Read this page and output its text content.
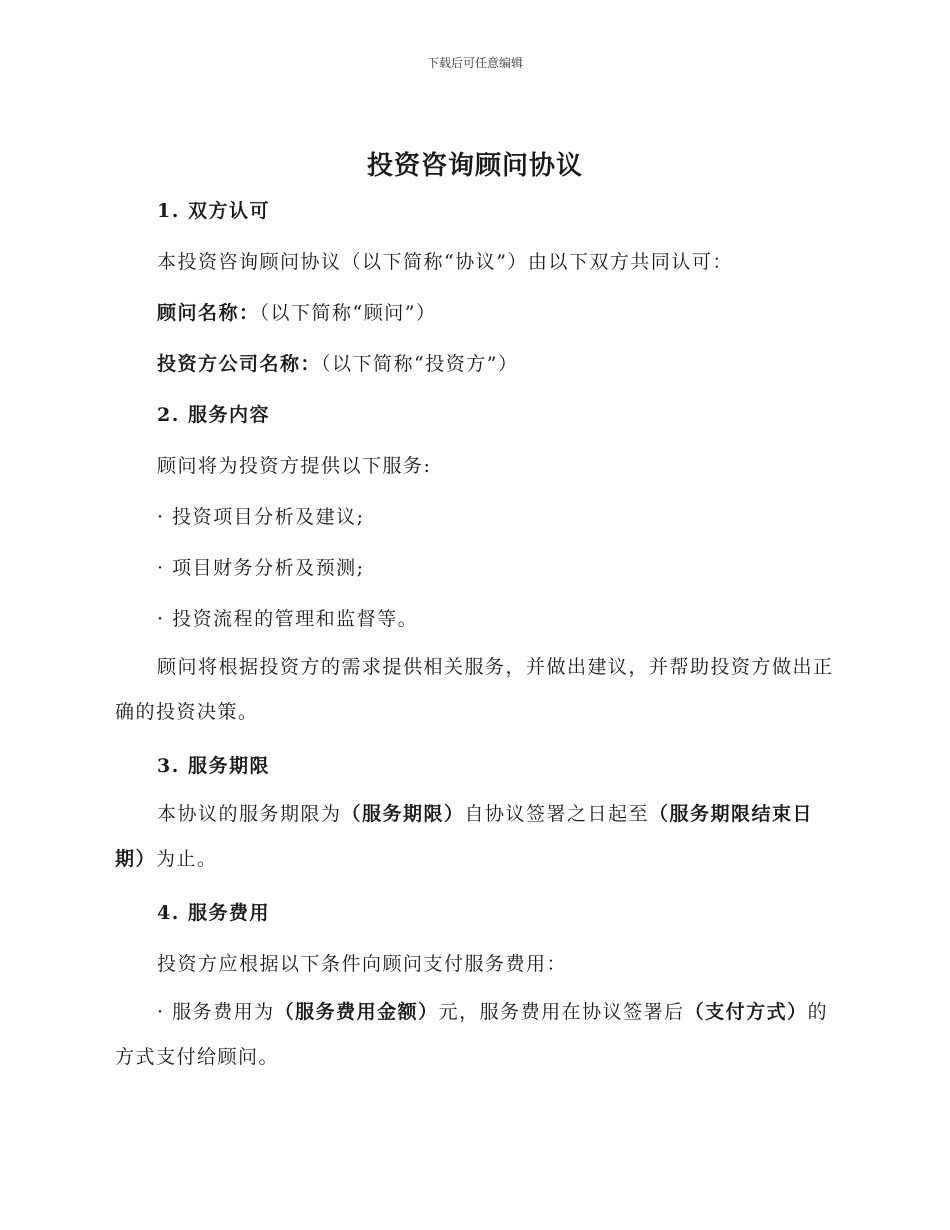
下载后可任意编辑
投资咨询顾问协议

1. 双方认可

本投资咨询顾问协议（以下简称“协议”）由以下双方共同认可：

顾问名称：（以下简称“顾问”）

投资方公司名称：（以下简称“投资方”）

2. 服务内容

顾问将为投资方提供以下服务:

· 投资项目分析及建议;

· 项目财务分析及预测;

· 投资流程的管理和监督等。

顾问将根据投资方的需求提供相关服务，并做出建议，并帮助投资方做出正确的投资决策。

3. 服务期限

本协议的服务期限为（服务期限）自协议签署之日起至（服务期限结束日期）为止。

4. 服务费用

投资方应根据以下条件向顾问支付服务费用：

· 服务费用为（服务费用金额）元，服务费用在协议签署后（支付方式）的方式支付给顾问。
